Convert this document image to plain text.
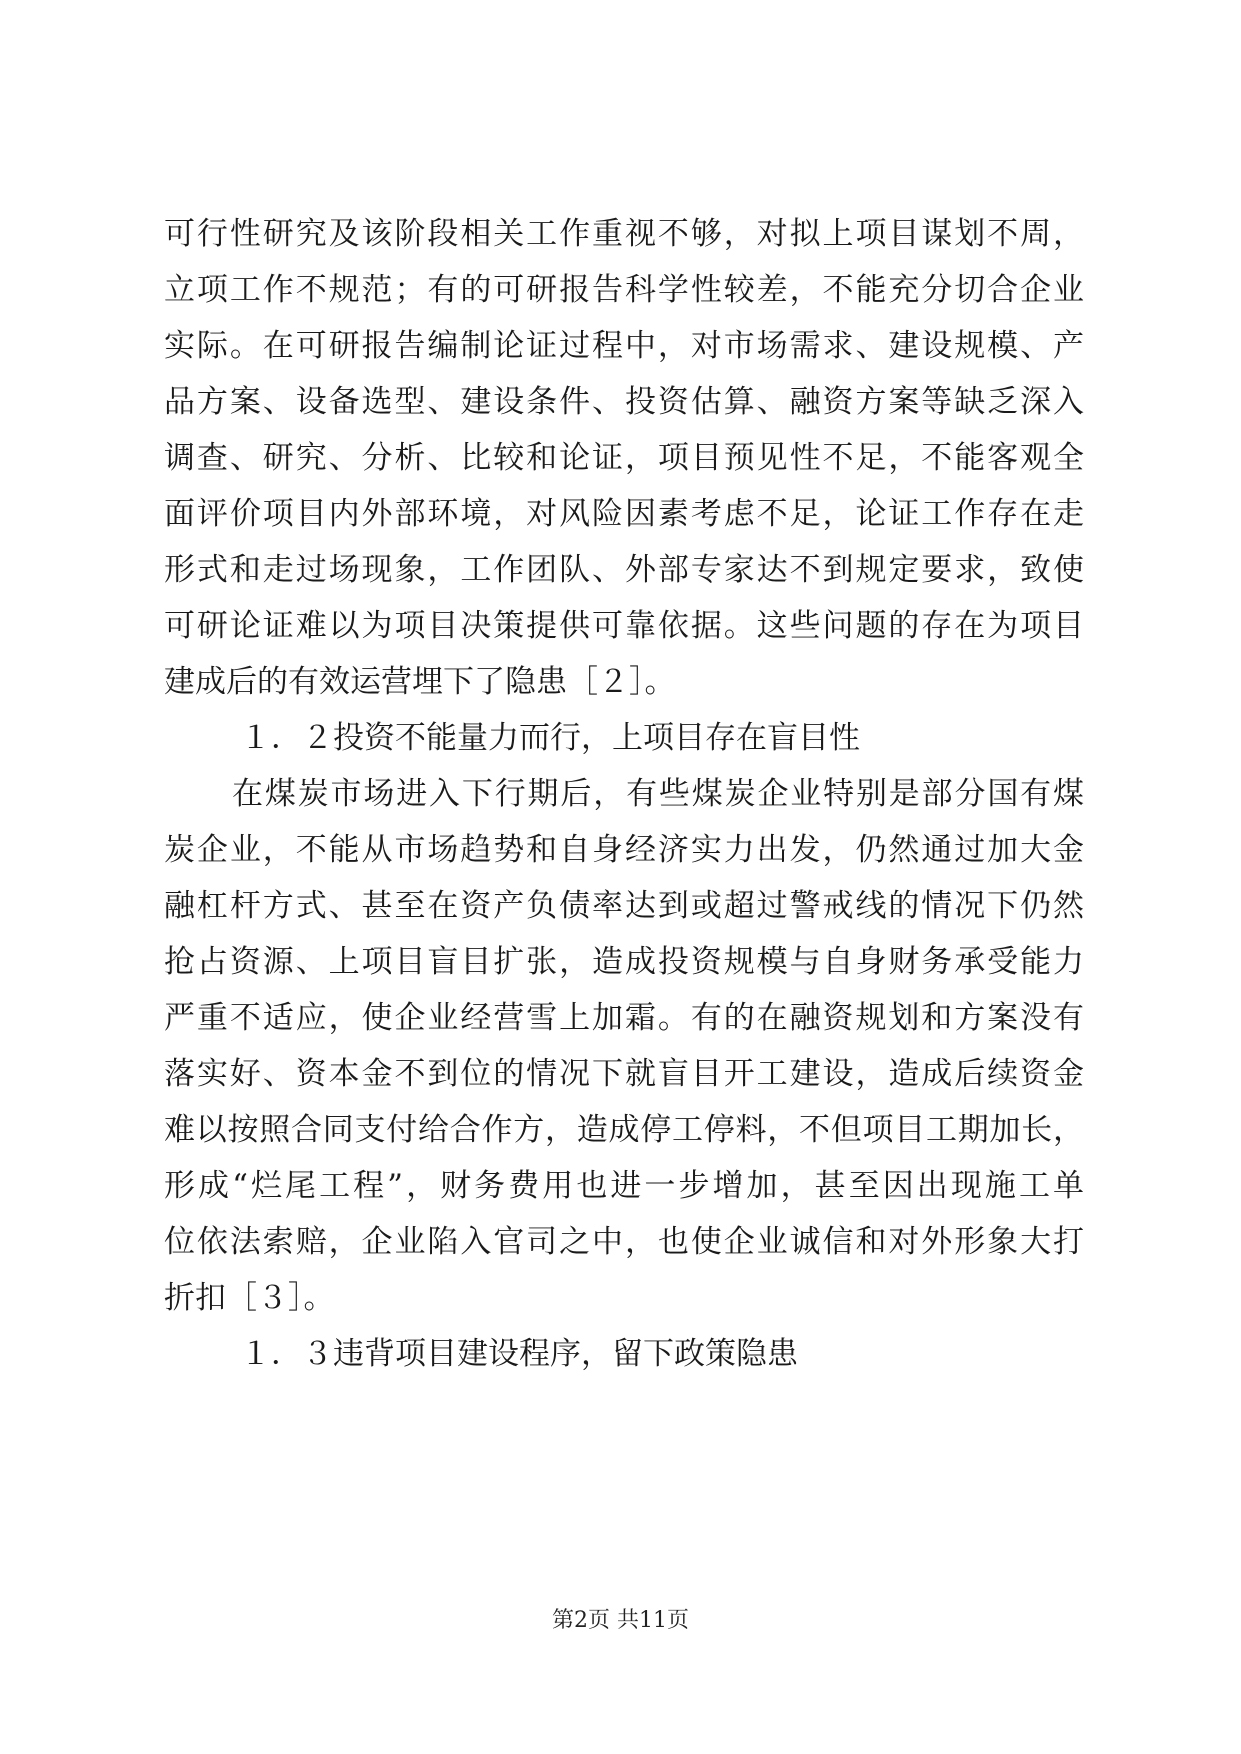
可行性研究及该阶段相关工作重视不够，对拟上项目谋划不周，
立项工作不规范；有的可研报告科学性较差，不能充分切合企业
实际。在可研报告编制论证过程中，对市场需求、建设规模、产
品方案、设备选型、建设条件、投资估算、融资方案等缺乏深入
调查、研究、分析、比较和论证，项目预见性不足，不能客观全
面评价项目内外部环境，对风险因素考虑不足，论证工作存在走
形式和走过场现象，工作团队、外部专家达不到规定要求，致使
可研论证难以为项目决策提供可靠依据。这些问题的存在为项目
建成后的有效运营埋下了隐患［２］。
１．２投资不能量力而行，上项目存在盲目性
在煤炭市场进入下行期后，有些煤炭企业特别是部分国有煤
炭企业，不能从市场趋势和自身经济实力出发，仍然通过加大金
融杠杆方式、甚至在资产负债率达到或超过警戒线的情况下仍然
抢占资源、上项目盲目扩张，造成投资规模与自身财务承受能力
严重不适应，使企业经营雪上加霜。有的在融资规划和方案没有
落实好、资本金不到位的情况下就盲目开工建设，造成后续资金
难以按照合同支付给合作方，造成停工停料，不但项目工期加长，
形成“烂尾工程”，财务费用也进一步增加，甚至因出现施工单
位依法索赔，企业陷入官司之中，也使企业诚信和对外形象大打
折扣［３］。
１．３违背项目建设程序，留下政策隐患
第2页 共11页
